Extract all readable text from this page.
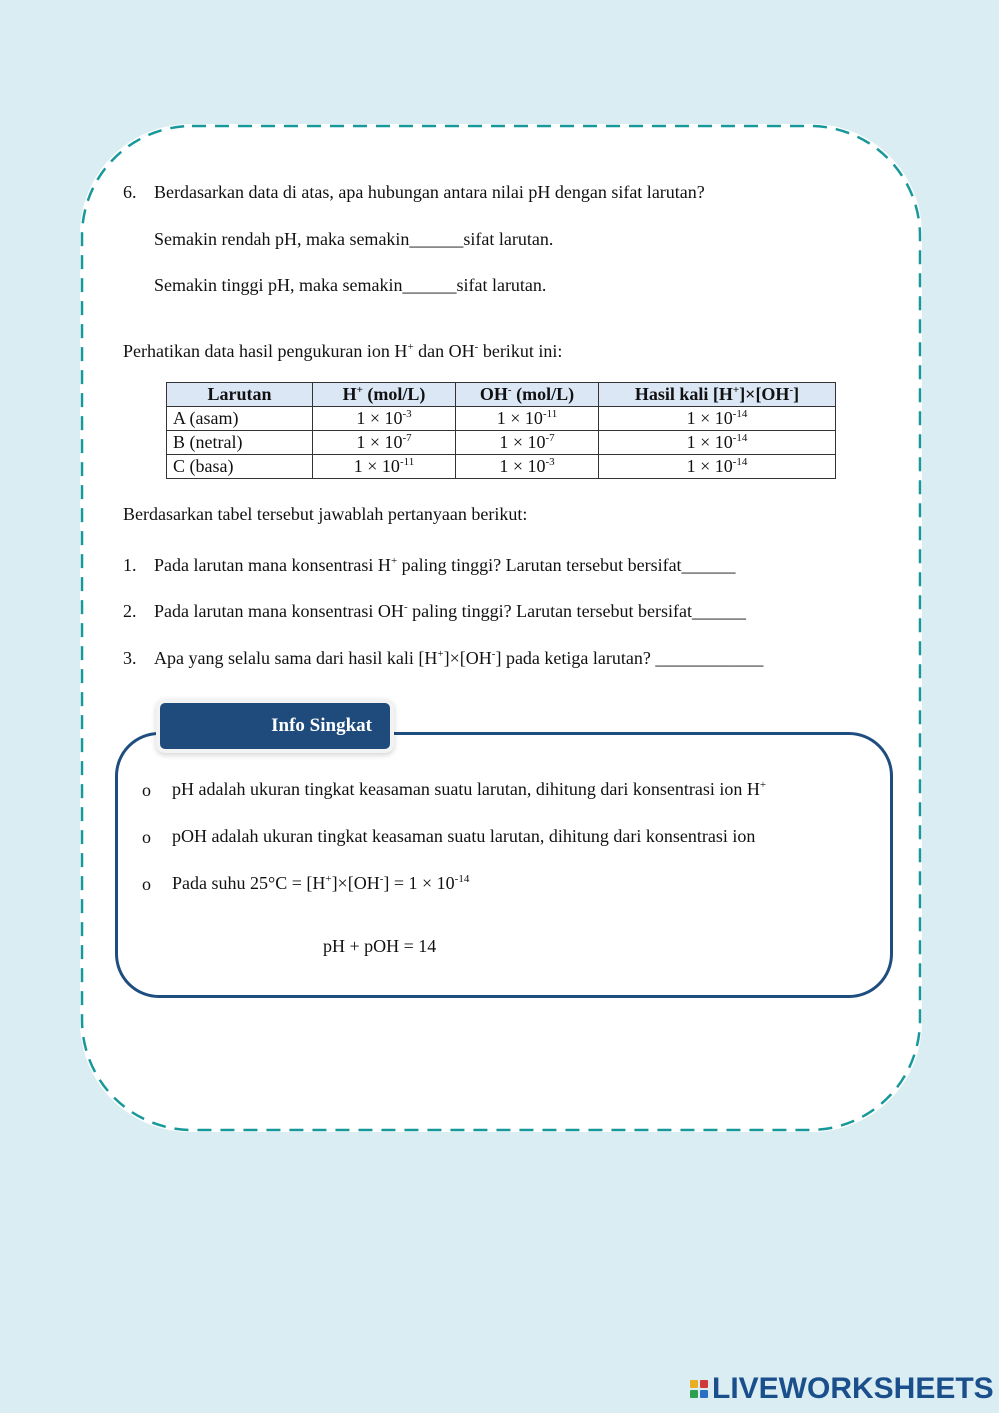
6. Berdasarkan data di atas, apa hubungan antara nilai pH dengan sifat larutan?
Semakin rendah pH, maka semakin______sifat larutan.
Semakin tinggi pH, maka semakin______sifat larutan.
Perhatikan data hasil pengukuran ion H+ dan OH- berikut ini:
Larutan	H+ (mol/L)	OH- (mol/L)	Hasil kali [H+]×[OH-]
A (asam)	$1 \times 10^{-3}$	$1 \times 10^{-11}$	$1 \times 10^{-14}$
B (netral)	$1 \times 10^{-7}$	$1 \times 10^{-7}$	$1 \times 10^{-14}$
C (basa)	$1 \times 10^{-11}$	$1 \times 10^{-3}$	$1 \times 10^{-14}$
Berdasarkan tabel tersebut jawablah pertanyaan berikut:
1. Pada larutan mana konsentrasi H+ paling tinggi? Larutan tersebut bersifat______
2. Pada larutan mana konsentrasi OH- paling tinggi? Larutan tersebut bersifat______
3. Apa yang selalu sama dari hasil kali [H+]×[OH-] pada ketiga larutan? ____________
Info Singkat
o pH adalah ukuran tingkat keasaman suatu larutan, dihitung dari konsentrasi ion H+
o pOH adalah ukuran tingkat keasaman suatu larutan, dihitung dari konsentrasi ion
o Pada suhu $25^\circ C = [H^+]\times[OH^-] = 1 \times 10^{-14}$
pH + pOH = 14
LIVEWORKSHEETS
